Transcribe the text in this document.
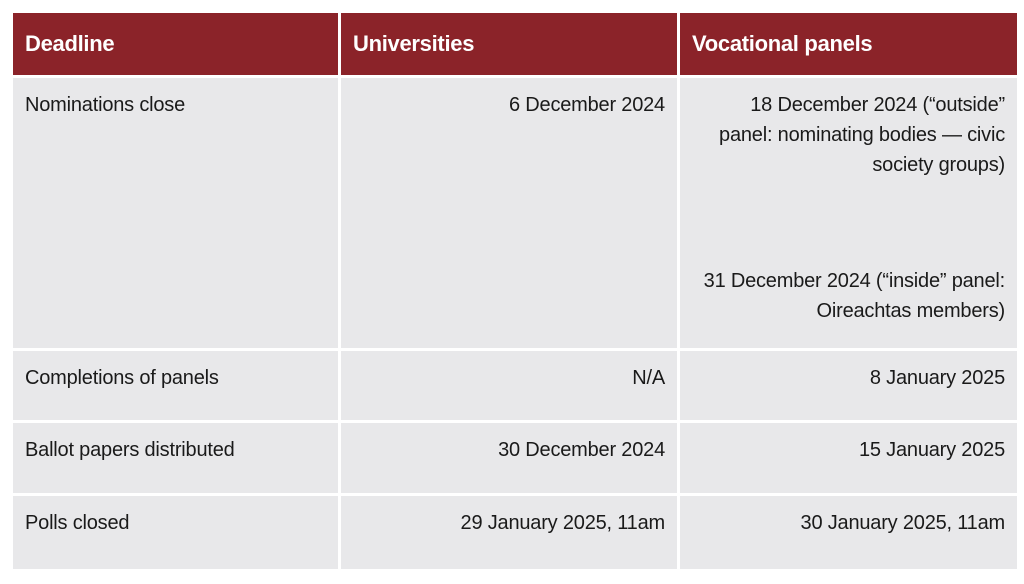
Deadline	Universities	Vocational panels
Nominations close	6 December 2024	18 December 2024 (“outside” panel: nominating bodies — civic society groups)
31 December 2024 (“inside” panel: Oireachtas members)

Completions of panels	N/A	8 January 2025
Ballot papers distributed	30 December 2024	15 January 2025
Polls closed	29 January 2025, 11am	30 January 2025, 11am
